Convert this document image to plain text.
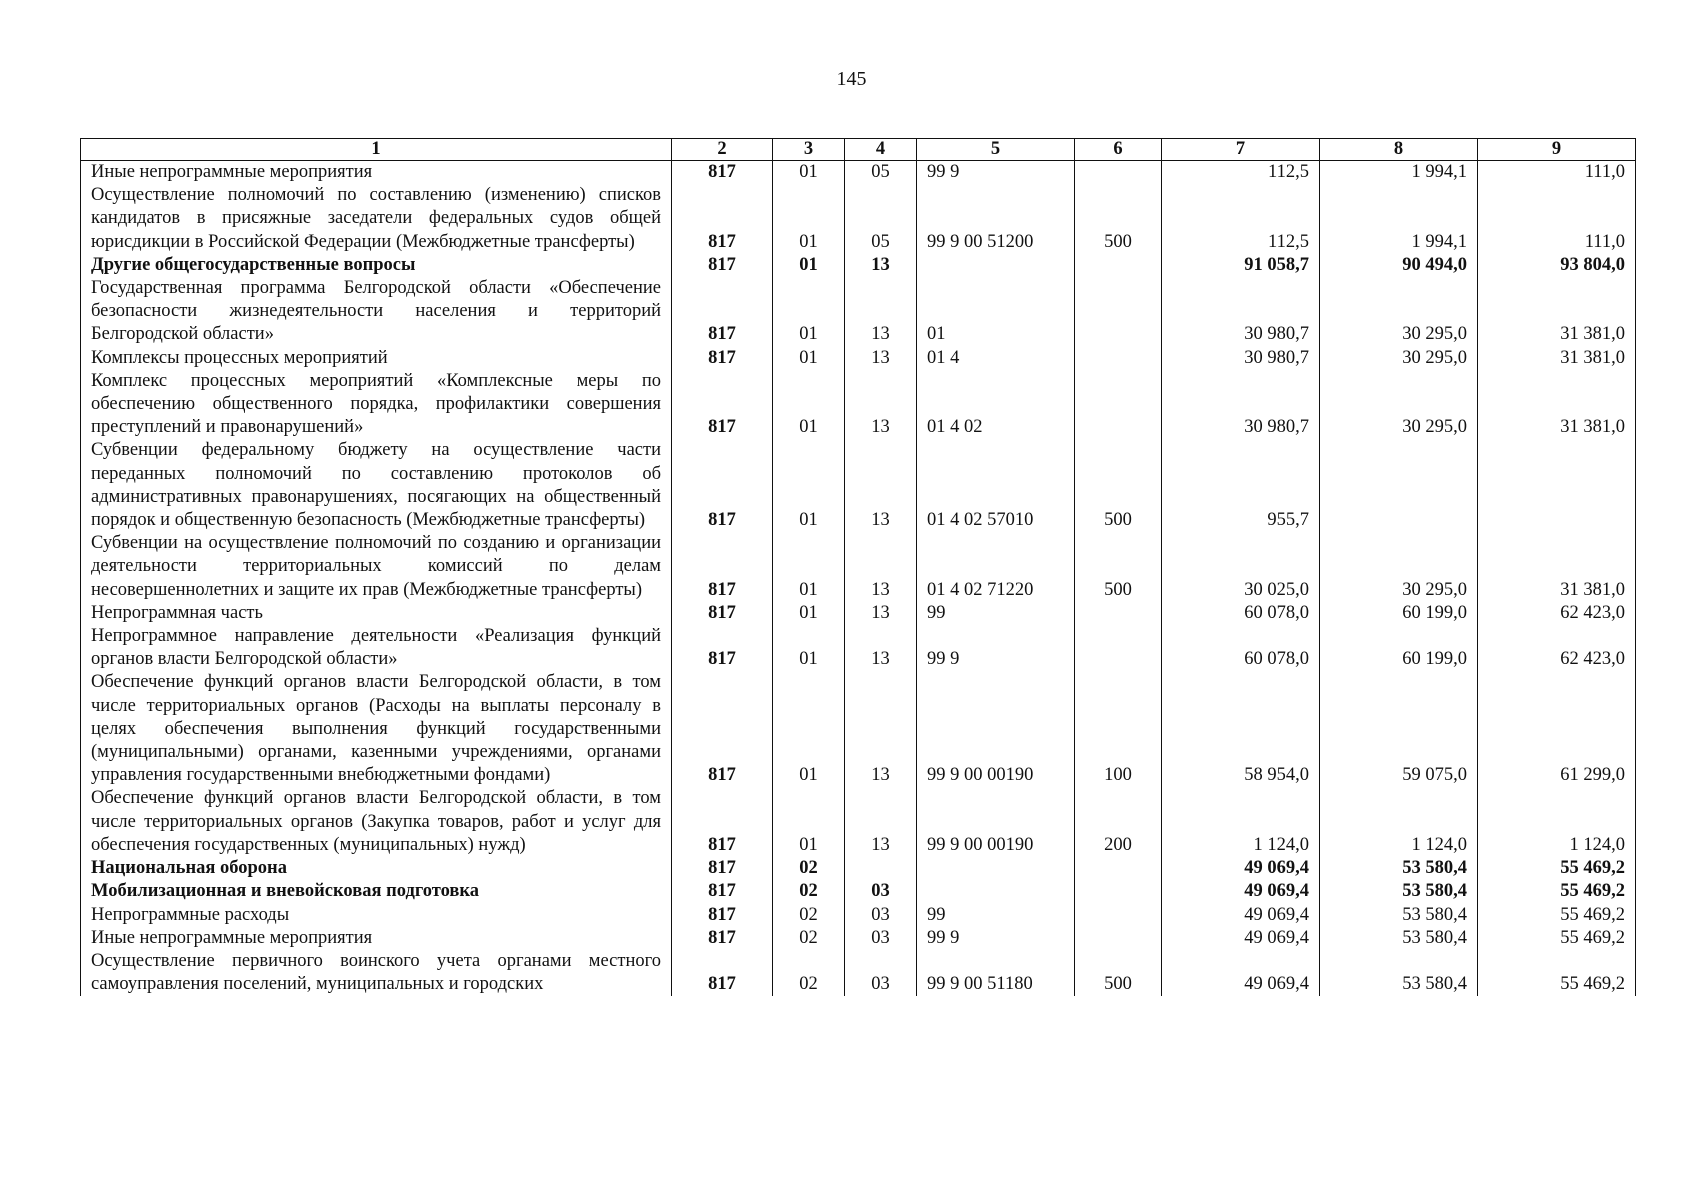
145
1	2	3	4	5	6	7	8	9
Иные непрограммные мероприятия	817	01	05	99 9		112,5	1 994,1	111,0
Осуществление полномочий по составлению (изменению) списков кандидатов в присяжные заседатели федеральных судов общей юрисдикции в Российской Федерации (Межбюджетные трансферты)	817	01	05	99 9 00 51200	500	112,5	1 994,1	111,0
Другие общегосударственные вопросы	817	01	13			91 058,7	90 494,0	93 804,0
Государственная программа Белгородской области «Обеспечение безопасности жизнедеятельности населения и территорий Белгородской области»	817	01	13	01		30 980,7	30 295,0	31 381,0
Комплексы процессных мероприятий	817	01	13	01 4		30 980,7	30 295,0	31 381,0
Комплекс процессных мероприятий «Комплексные меры по обеспечению общественного порядка, профилактики совершения преступлений и правонарушений»	817	01	13	01 4 02		30 980,7	30 295,0	31 381,0
Субвенции федеральному бюджету на осуществление части переданных полномочий по составлению протоколов об административных правонарушениях, посягающих на общественный порядок и общественную безопасность (Межбюджетные трансферты)	817	01	13	01 4 02 57010	500	955,7		
Субвенции на осуществление полномочий по созданию и организации деятельности территориальных комиссий по делам несовершеннолетних и защите их прав (Межбюджетные трансферты)	817	01	13	01 4 02 71220	500	30 025,0	30 295,0	31 381,0
Непрограммная часть	817	01	13	99		60 078,0	60 199,0	62 423,0
Непрограммное направление деятельности «Реализация функций органов власти Белгородской области»	817	01	13	99 9		60 078,0	60 199,0	62 423,0
Обеспечение функций органов власти Белгородской области, в том числе территориальных органов (Расходы на выплаты персоналу в целях обеспечения выполнения функций государственными (муниципальными) органами, казенными учреждениями, органами управления государственными внебюджетными фондами)	817	01	13	99 9 00 00190	100	58 954,0	59 075,0	61 299,0
Обеспечение функций органов власти Белгородской области, в том числе территориальных органов (Закупка товаров, работ и услуг для обеспечения государственных (муниципальных) нужд)	817	01	13	99 9 00 00190	200	1 124,0	1 124,0	1 124,0
Национальная оборона	817	02				49 069,4	53 580,4	55 469,2
Мобилизационная и вневойсковая подготовка	817	02	03			49 069,4	53 580,4	55 469,2
Непрограммные расходы	817	02	03	99		49 069,4	53 580,4	55 469,2
Иные непрограммные мероприятия	817	02	03	99 9		49 069,4	53 580,4	55 469,2
Осуществление первичного воинского учета органами местного самоуправления поселений, муниципальных и городских	817	02	03	99 9 00 51180	500	49 069,4	53 580,4	55 469,2
